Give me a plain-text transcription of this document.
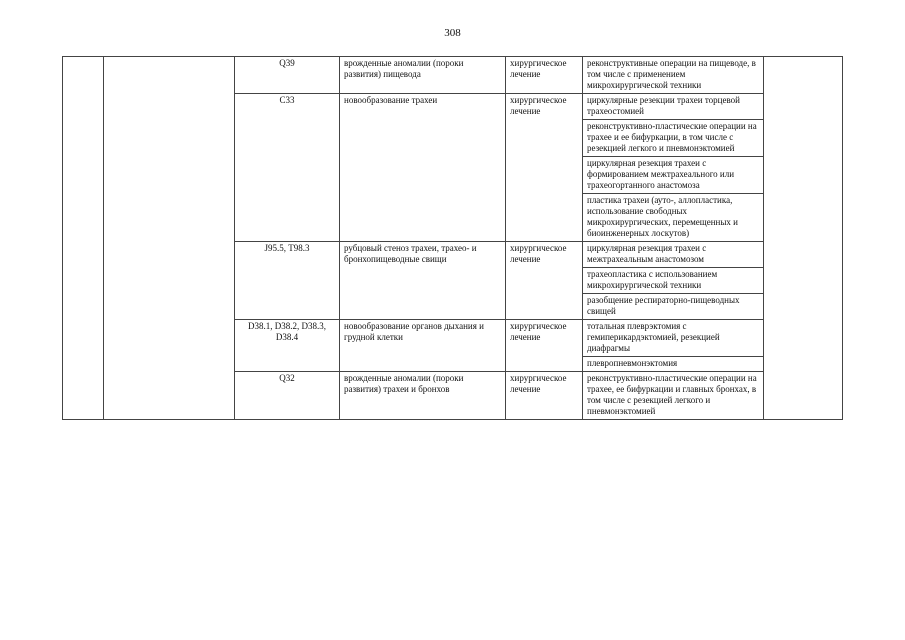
308
		Q39	врожденные аномалии (пороки развития) пищевода	хирургическое лечение	реконструктивные операции на пищеводе, в том числе с применением микрохирургической техники	
		С33	новообразование трахеи	хирургическое лечение	циркулярные резекции трахеи торцевой трахеостомией	
					реконструктивно-пластические операции на трахее и ее бифуркации, в том числе с резекцией легкого и пневмонэктомией	
					циркулярная резекция трахеи с формированием межтрахеального или трахеогортанного анастомоза	
					пластика трахеи (ауто-, аллопластика, использование свободных микрохирургических, перемещенных и биоинженерных лоскутов)	
		J95.5, Т98.3	рубцовый стеноз трахеи, трахео- и бронхопищеводные свищи	хирургическое лечение	циркулярная резекция трахеи с межтрахеальным анастомозом	
					трахеопластика с использованием микрохирургической техники	
					разобщение респираторно-пищеводных свищей	
		D38.1, D38.2, D38.3, D38.4	новообразование органов дыхания и грудной клетки	хирургическое лечение	тотальная плеврэктомия с гемиперикардэктомией, резекцией диафрагмы	
					плевропневмонэктомия	
		Q32	врожденные аномалии (пороки развития) трахеи и бронхов	хирургическое лечение	реконструктивно-пластические операции на трахее, ее бифуркации и главных бронхах, в том числе с резекцией легкого и пневмонэктомией	
